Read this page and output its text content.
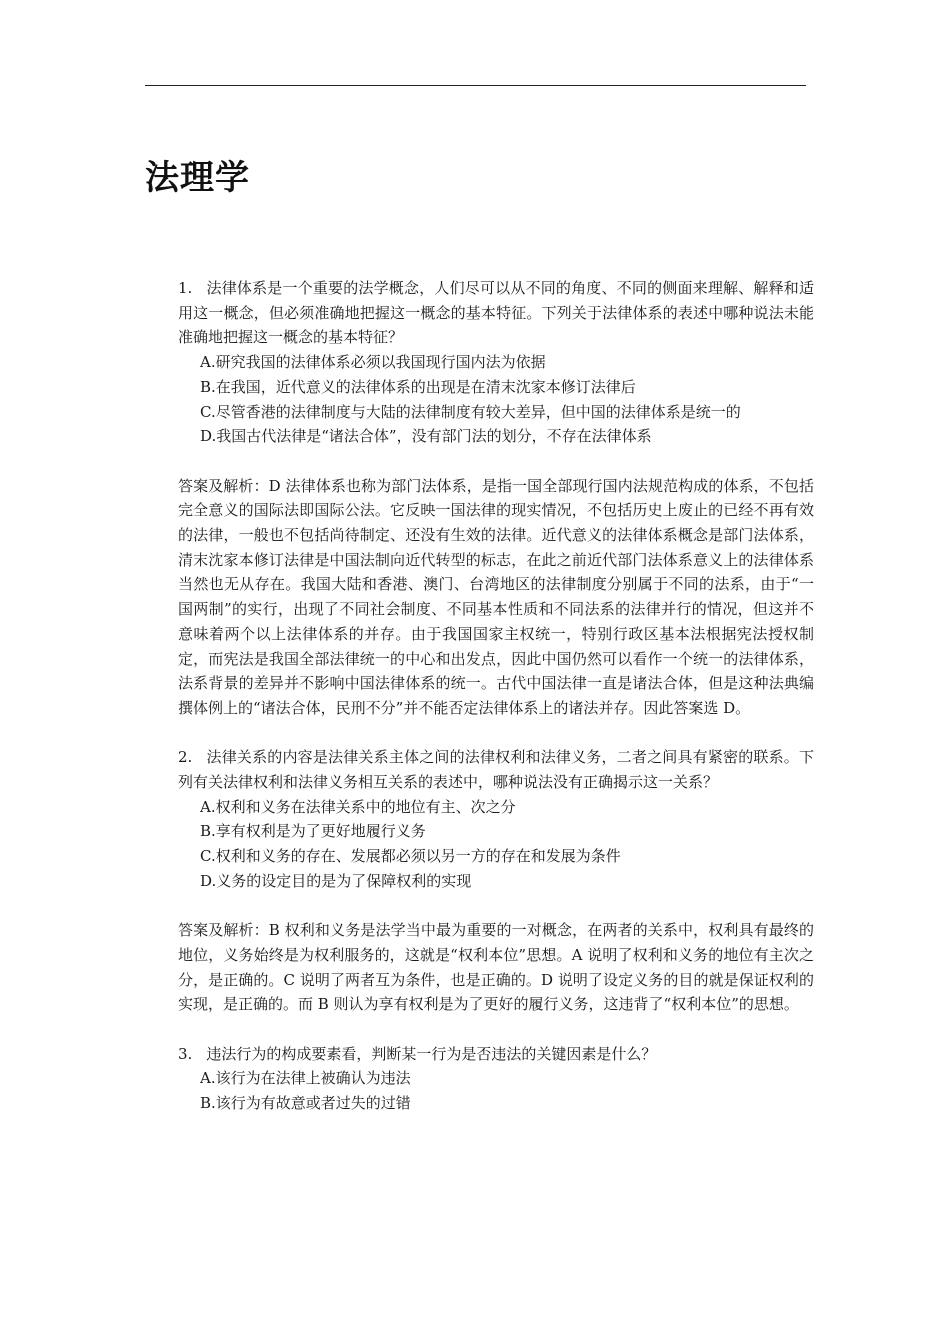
法理学

1. 法律体系是一个重要的法学概念，人们尽可以从不同的角度、不同的侧面来理解、解释和适用这一概念，但必须准确地把握这一概念的基本特征。下列关于法律体系的表述中哪种说法未能准确地把握这一概念的基本特征？

A.研究我国的法律体系必须以我国现行国内法为依据
B.在我国，近代意义的法律体系的出现是在清末沈家本修订法律后
C.尽管香港的法律制度与大陆的法律制度有较大差异，但中国的法律体系是统一的
D.我国古代法律是“诸法合体”，没有部门法的划分，不存在法律体系

答案及解析：D 法律体系也称为部门法体系，是指一国全部现行国内法规范构成的体系，不包括完全意义的国际法即国际公法。它反映一国法律的现实情况，不包括历史上废止的已经不再有效的法律，一般也不包括尚待制定、还没有生效的法律。近代意义的法律体系概念是部门法体系，清末沈家本修订法律是中国法制向近代转型的标志，在此之前近代部门法体系意义上的法律体系当然也无从存在。我国大陆和香港、澳门、台湾地区的法律制度分别属于不同的法系，由于“一国两制”的实行，出现了不同社会制度、不同基本性质和不同法系的法律并行的情况，但这并不意味着两个以上法律体系的并存。由于我国国家主权统一，特别行政区基本法根据宪法授权制定，而宪法是我国全部法律统一的中心和出发点，因此中国仍然可以看作一个统一的法律体系，法系背景的差异并不影响中国法律体系的统一。古代中国法律一直是诸法合体，但是这种法典编撰体例上的“诸法合体，民刑不分”并不能否定法律体系上的诸法并存。因此答案选 D。

2. 法律关系的内容是法律关系主体之间的法律权利和法律义务，二者之间具有紧密的联系。下列有关法律权利和法律义务相互关系的表述中，哪种说法没有正确揭示这一关系？

A.权利和义务在法律关系中的地位有主、次之分
B.享有权利是为了更好地履行义务
C.权利和义务的存在、发展都必须以另一方的存在和发展为条件
D.义务的设定目的是为了保障权利的实现

答案及解析：B 权利和义务是法学当中最为重要的一对概念，在两者的关系中，权利具有最终的地位，义务始终是为权利服务的，这就是“权利本位”思想。A 说明了权利和义务的地位有主次之分，是正确的。C 说明了两者互为条件，也是正确的。D 说明了设定义务的目的就是保证权利的实现，是正确的。而 B 则认为享有权利是为了更好的履行义务，这违背了“权利本位”的思想。

3. 违法行为的构成要素看，判断某一行为是否违法的关键因素是什么？

A.该行为在法律上被确认为违法
B.该行为有故意或者过失的过错
